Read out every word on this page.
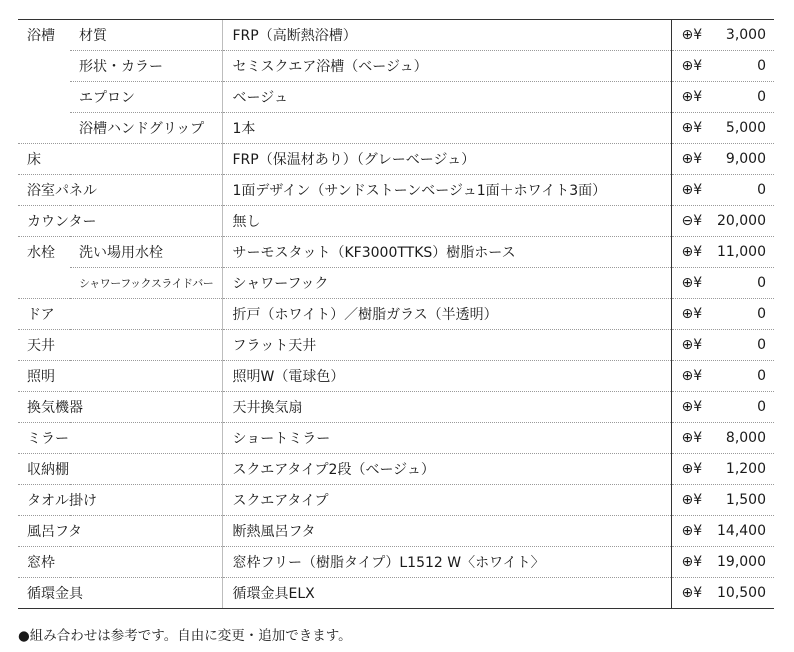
浴槽	材質	FRP（高断熱浴槽）	⊕¥ 3,000

	形状・カラー	セミスクエア浴槽（ベージュ）	⊕¥ 0

	エプロン	ベージュ	⊕¥ 0

	浴槽ハンドグリップ	1本	⊕¥ 5,000

床		FRP（保温材あり）（グレーベージュ）	⊕¥ 9,000

浴室パネル		1面デザイン（サンドストーンベージュ1面＋ホワイト3面）	⊕¥ 0

カウンター		無し	⊖¥ 20,000

水栓	洗い場用水栓	サーモスタット（KF3000TTKS）樹脂ホース	⊕¥ 11,000

	シャワーフックスライドバー	シャワーフック	⊕¥ 0

ドア		折戸（ホワイト）／樹脂ガラス（半透明）	⊕¥ 0

天井		フラット天井	⊕¥ 0

照明		照明W（電球色）	⊕¥ 0

換気機器		天井換気扇	⊕¥ 0

ミラー		ショートミラー	⊕¥ 8,000

収納棚		スクエアタイプ2段（ベージュ）	⊕¥ 1,200

タオル掛け		スクエアタイプ	⊕¥ 1,500

風呂フタ		断熱風呂フタ	⊕¥ 14,400

窓枠		窓枠フリー（樹脂タイプ）L1512 W〈ホワイト〉	⊕¥ 19,000

循環金具		循環金具ELX	⊕¥ 10,500
●組み合わせは参考です。自由に変更・追加できます。
